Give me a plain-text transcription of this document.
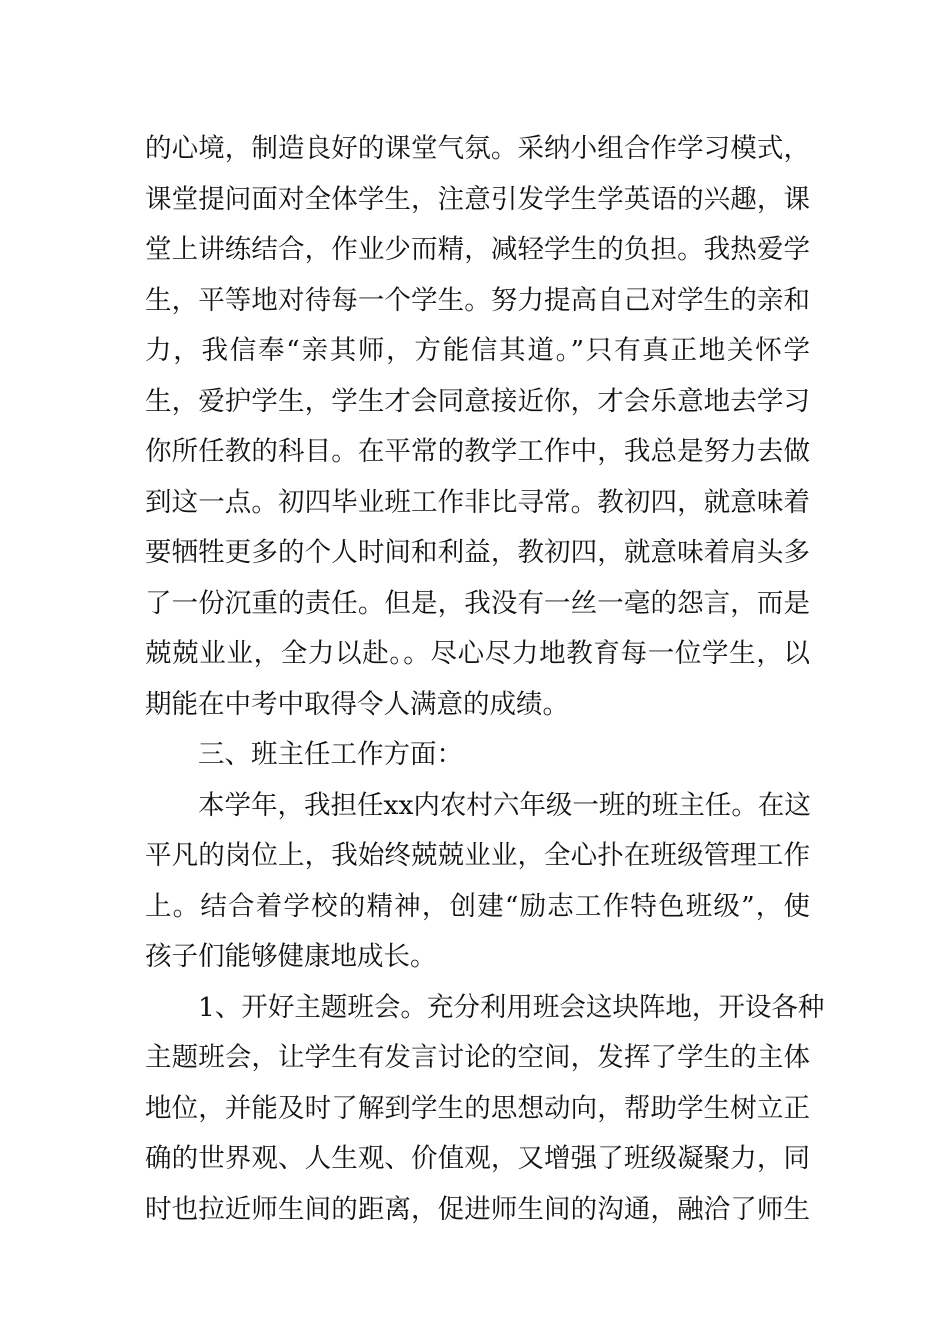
的心境，制造良好的课堂气氛。采纳小组合作学习模式，
课堂提问面对全体学生，注意引发学生学英语的兴趣，课
堂上讲练结合，作业少而精，减轻学生的负担。我热爱学
生，平等地对待每一个学生。努力提高自己对学生的亲和
力，我信奉“亲其师，方能信其道。”只有真正地关怀学
生，爱护学生，学生才会同意接近你，才会乐意地去学习
你所任教的科目。在平常的教学工作中，我总是努力去做
到这一点。初四毕业班工作非比寻常。教初四，就意味着
要牺牲更多的个人时间和利益，教初四，就意味着肩头多
了一份沉重的责任。但是，我没有一丝一毫的怨言，而是
兢兢业业，全力以赴。。尽心尽力地教育每一位学生，以
期能在中考中取得令人满意的成绩。
三、班主任工作方面：
本学年，我担任xx内农村六年级一班的班主任。在这
平凡的岗位上，我始终兢兢业业，全心扑在班级管理工作
上。结合着学校的精神，创建“励志工作特色班级”，使
孩子们能够健康地成长。
1、开好主题班会。充分利用班会这块阵地，开设各种
主题班会，让学生有发言讨论的空间，发挥了学生的主体
地位，并能及时了解到学生的思想动向，帮助学生树立正
确的世界观、人生观、价值观，又增强了班级凝聚力，同
时也拉近师生间的距离，促进师生间的沟通，融洽了师生
